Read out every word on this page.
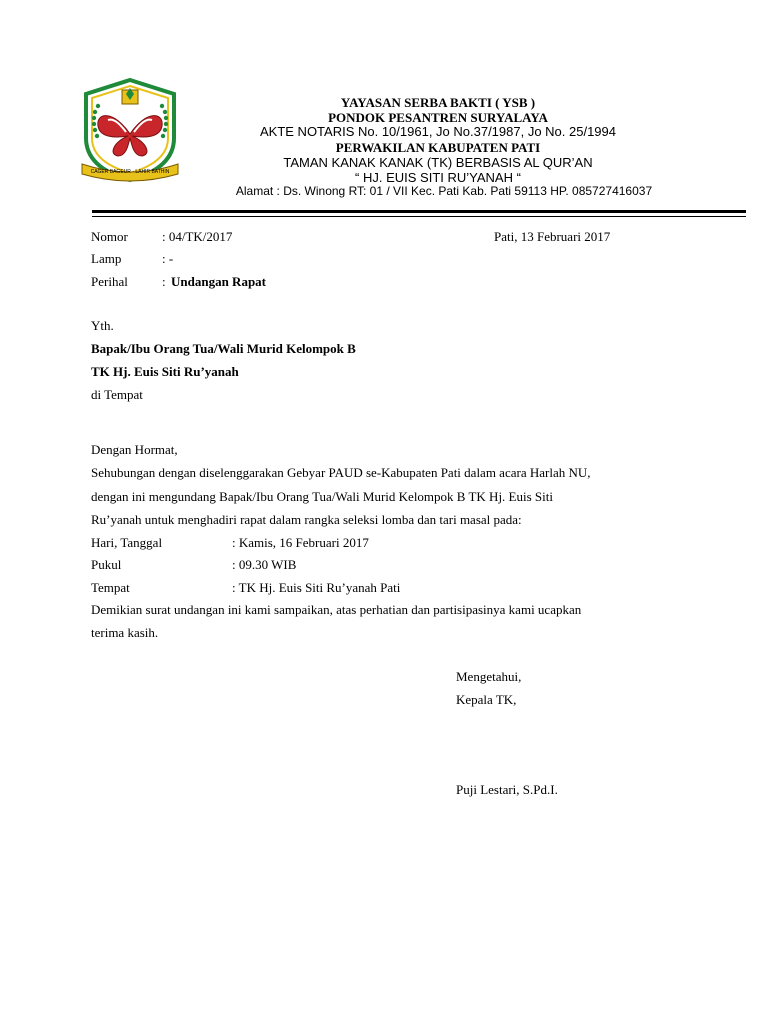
CAGER BAGEUR - LAHIR BATHIN
YAYASAN SERBA BAKTI ( YSB )
PONDOK PESANTREN SURYALAYA
AKTE NOTARIS No. 10/1961, Jo No.37/1987, Jo No. 25/1994
PERWAKILAN KABUPATEN PATI
TAMAN KANAK KANAK (TK) BERBASIS AL QUR’AN
“ HJ. EUIS SITI RU’YANAH “
Alamat : Ds. Winong RT: 01 / VII Kec. Pati Kab. Pati 59113 HP. 085727416037
Nomor	: 04/TK/2017	Pati, 13 Februari 2017
Lamp	: -
Perihal	: Undangan Rapat
Yth.
Bapak/Ibu Orang Tua/Wali Murid Kelompok B
TK Hj. Euis Siti Ru’yanah
di Tempat
Dengan Hormat,
Sehubungan dengan diselenggarakan Gebyar PAUD se-Kabupaten Pati dalam acara Harlah NU,
dengan ini mengundang Bapak/Ibu Orang Tua/Wali Murid Kelompok B TK Hj. Euis Siti
Ru’yanah untuk menghadiri rapat dalam rangka seleksi lomba dan tari masal pada:
Hari, Tanggal	: Kamis, 16 Februari 2017
Pukul	: 09.30 WIB
Tempat	: TK Hj. Euis Siti Ru’yanah Pati
Demikian surat undangan ini kami sampaikan, atas perhatian dan partisipasinya kami ucapkan
terima kasih.
Mengetahui,
Kepala TK,
Puji Lestari, S.Pd.I.
